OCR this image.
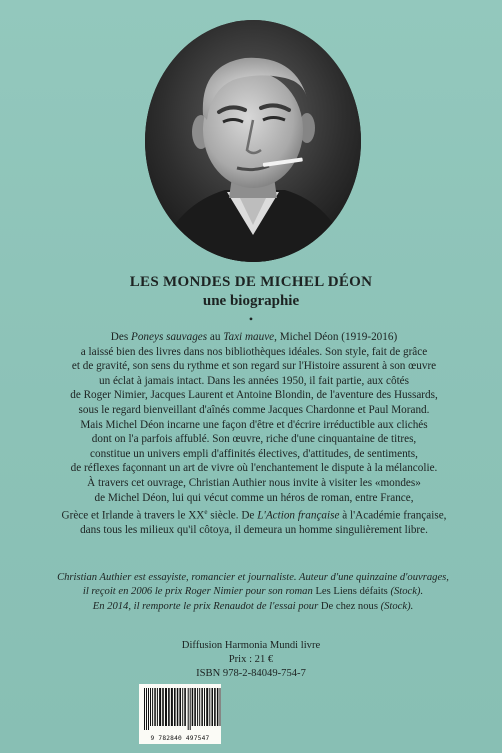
LES MONDES DE MICHEL DÉON
une biographie
•

Des Poneys sauvages au Taxi mauve, Michel Déon (1919-2016)

a laissé bien des livres dans nos bibliothèques idéales. Son style, fait de grâce

et de gravité, son sens du rythme et son regard sur l'Histoire assurent à son œuvre

un éclat à jamais intact. Dans les années 1950, il fait partie, aux côtés

de Roger Nimier, Jacques Laurent et Antoine Blondin, de l'aventure des Hussards,

sous le regard bienveillant d'aînés comme Jacques Chardonne et Paul Morand.

Mais Michel Déon incarne une façon d'être et d'écrire irréductible aux clichés

dont on l'a parfois affublé. Son œuvre, riche d'une cinquantaine de titres,

constitue un univers empli d'affinités électives, d'attitudes, de sentiments,

de réflexes façonnant un art de vivre où l'enchantement le dispute à la mélancolie.

À travers cet ouvrage, Christian Authier nous invite à visiter les «mondes»

de Michel Déon, lui qui vécut comme un héros de roman, entre France,

Grèce et Irlande à travers le XXe siècle. De L'Action française à l'Académie française,

dans tous les milieux qu'il côtoya, il demeura un homme singulièrement libre.

Christian Authier est essayiste, romancier et journaliste. Auteur d'une quinzaine d'ouvrages,

il reçoit en 2006 le prix Roger Nimier pour son roman Les Liens défaits (Stock).

En 2014, il remporte le prix Renaudot de l'essai pour De chez nous (Stock).

Diffusion Harmonia Mundi livre

Prix : 21 €

ISBN 978-2-84049-754-7

9 782840 497547
